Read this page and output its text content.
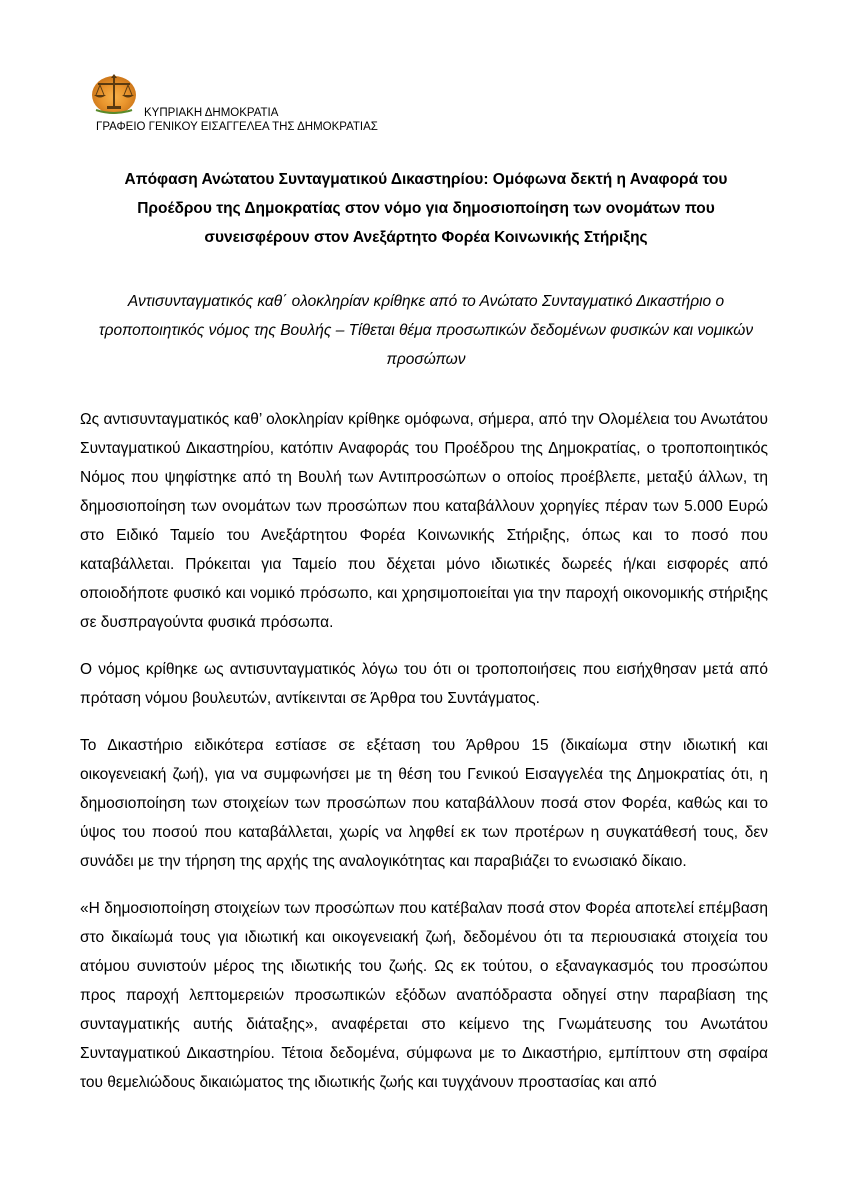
ΚΥΠΡΙΑΚΗ ΔΗΜΟΚΡΑΤΙΑ
ΓΡΑΦΕΙΟ ΓΕΝΙΚΟΥ ΕΙΣΑΓΓΕΛΕΑ ΤΗΣ ΔΗΜΟΚΡΑΤΙΑΣ
Απόφαση Ανώτατου Συνταγματικού Δικαστηρίου: Ομόφωνα δεκτή η Αναφορά του Προέδρου της Δημοκρατίας στον νόμο για δημοσιοποίηση των ονομάτων που συνεισφέρουν στον Ανεξάρτητο Φορέα Κοινωνικής Στήριξης
Αντισυνταγματικός καθ΄ ολοκληρίαν κρίθηκε από το Ανώτατο Συνταγματικό Δικαστήριο ο τροποποιητικός νόμος της Βουλής – Τίθεται θέμα προσωπικών δεδομένων φυσικών και νομικών προσώπων

Ως αντισυνταγματικός καθ’ ολοκληρίαν κρίθηκε ομόφωνα, σήμερα, από την Ολομέλεια του Ανωτάτου Συνταγματικού Δικαστηρίου, κατόπιν Αναφοράς του Προέδρου της Δημοκρατίας, ο τροποποιητικός Νόμος που ψηφίστηκε από τη Βουλή των Αντιπροσώπων ο οποίος προέβλεπε, μεταξύ άλλων, τη δημοσιοποίηση των ονομάτων των προσώπων που καταβάλλουν χορηγίες πέραν των 5.000 Ευρώ στο Ειδικό Ταμείο του Ανεξάρτητου Φορέα Κοινωνικής Στήριξης, όπως και το ποσό που καταβάλλεται. Πρόκειται για Ταμείο που δέχεται μόνο ιδιωτικές δωρεές ή/και εισφορές από οποιοδήποτε φυσικό και νομικό πρόσωπο, και χρησιμοποιείται για την παροχή οικονομικής στήριξης σε δυσπραγούντα φυσικά πρόσωπα.

Ο νόμος κρίθηκε ως αντισυνταγματικός λόγω του ότι οι τροποποιήσεις που εισήχθησαν μετά από πρόταση νόμου βουλευτών, αντίκεινται σε Άρθρα του Συντάγματος.

Το Δικαστήριο ειδικότερα εστίασε σε εξέταση του Άρθρου 15 (δικαίωμα στην ιδιωτική και οικογενειακή ζωή), για να συμφωνήσει με τη θέση του Γενικού Εισαγγελέα της Δημοκρατίας ότι, η δημοσιοποίηση των στοιχείων των προσώπων που καταβάλλουν ποσά στον Φορέα, καθώς και το ύψος του ποσού που καταβάλλεται, χωρίς να ληφθεί εκ των προτέρων η συγκατάθεσή τους, δεν συνάδει με την τήρηση της αρχής της αναλογικότητας και παραβιάζει το ενωσιακό δίκαιο.

«Η δημοσιοποίηση στοιχείων των προσώπων που κατέβαλαν ποσά στον Φορέα αποτελεί επέμβαση στο δικαίωμά τους για ιδιωτική και οικογενειακή ζωή, δεδομένου ότι τα περιουσιακά στοιχεία του ατόμου συνιστούν μέρος της ιδιωτικής του ζωής. Ως εκ τούτου, ο εξαναγκασμός του προσώπου προς παροχή λεπτομερειών προσωπικών εξόδων αναπόδραστα οδηγεί στην παραβίαση της συνταγματικής αυτής διάταξης», αναφέρεται στο κείμενο της Γνωμάτευσης του Ανωτάτου Συνταγματικού Δικαστηρίου. Τέτοια δεδομένα, σύμφωνα με το Δικαστήριο, εμπίπτουν στη σφαίρα του θεμελιώδους δικαιώματος της ιδιωτικής ζωής και τυγχάνουν προστασίας και από
